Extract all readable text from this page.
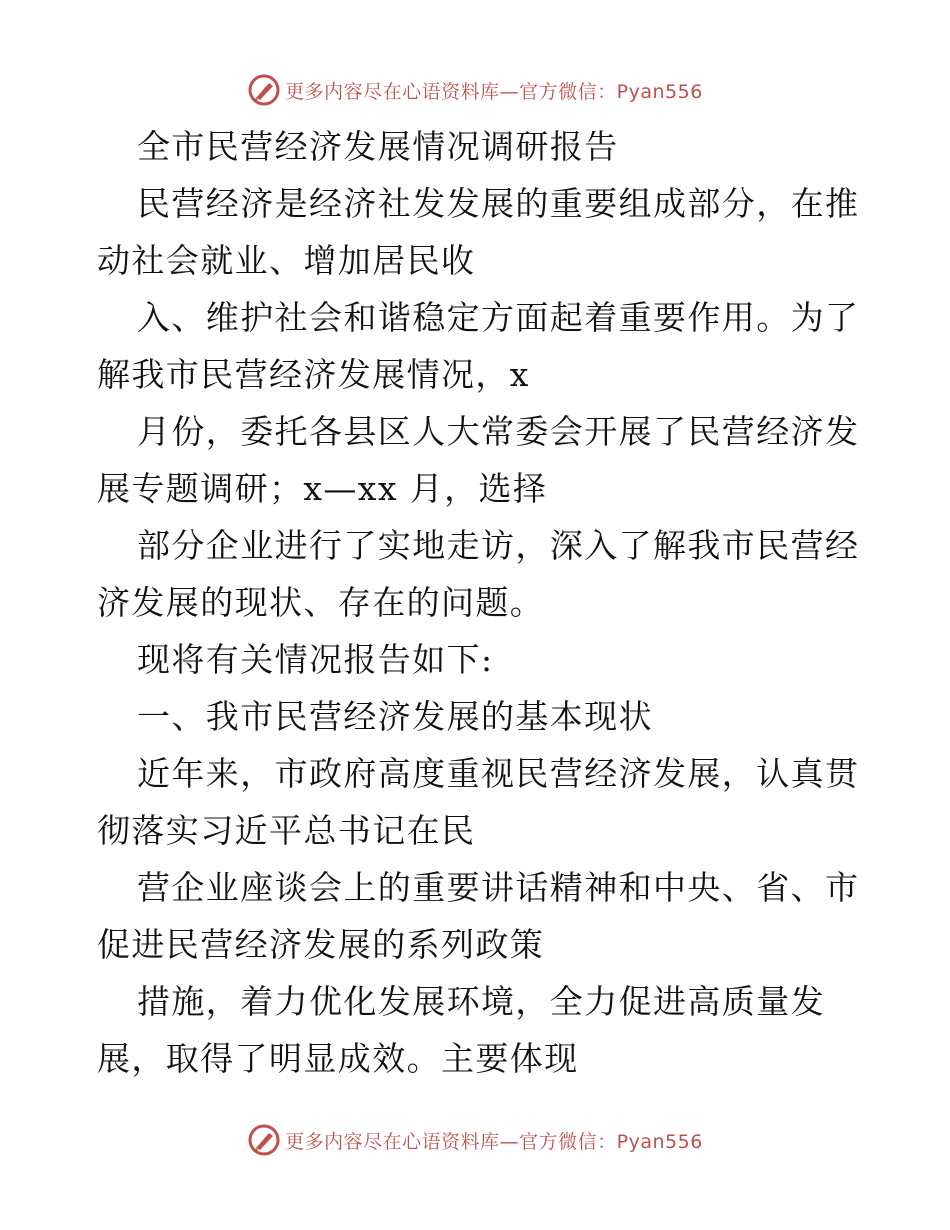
更多内容尽在心语资料库—官方微信：Pyan556

全市民营经济发展情况调研报告

民营经济是经济社发发展的重要组成部分，在推

动社会就业、增加居民收

入、维护社会和谐稳定方面起着重要作用。为了

解我市民营经济发展情况，x

月份，委托各县区人大常委会开展了民营经济发

展专题调研；x—xx 月，选择

部分企业进行了实地走访，深入了解我市民营经

济发展的现状、存在的问题。

现将有关情况报告如下:

一、我市民营经济发展的基本现状

近年来，市政府高度重视民营经济发展，认真贯

彻落实习近平总书记在民

营企业座谈会上的重要讲话精神和中央、省、市

促进民营经济发展的系列政策

措施，着力优化发展环境，全力促进高质量发

展，取得了明显成效。主要体现

更多内容尽在心语资料库—官方微信：Pyan556
